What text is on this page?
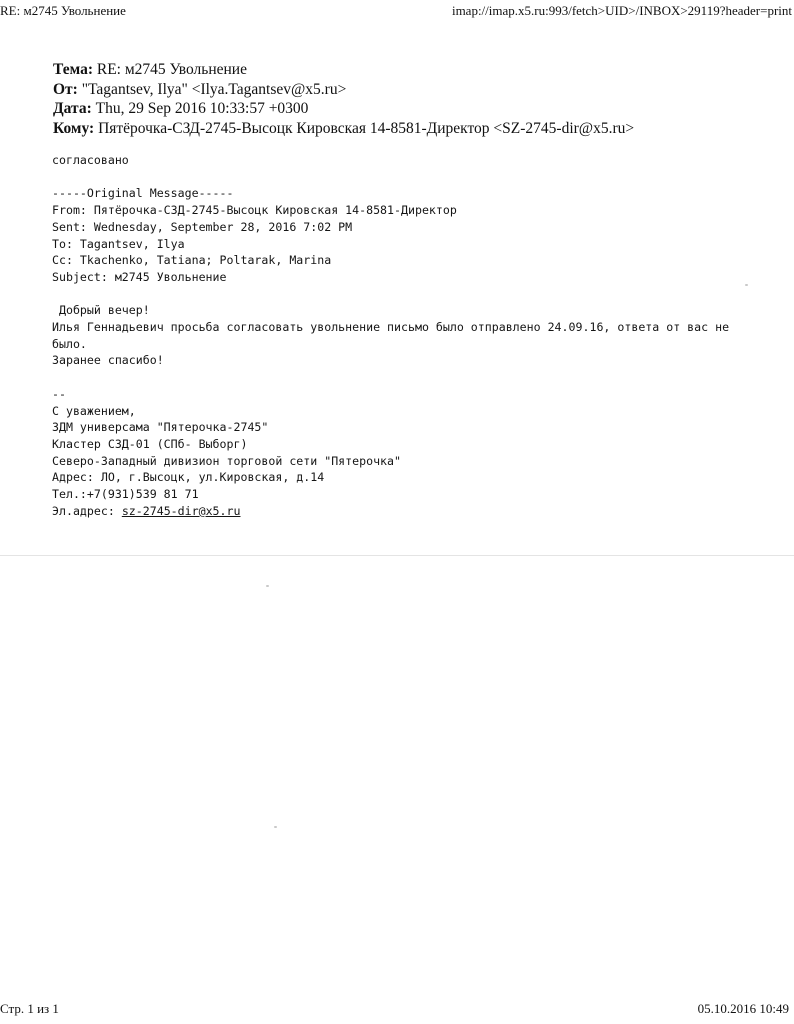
RE: м2745 Увольнение	imap://imap.x5.ru:993/fetch>UID>/INBOX>29119?header=print
Тема: RE: м2745 Увольнение
От: "Tagantsev, Ilya" <Ilya.Tagantsev@x5.ru>
Дата: Thu, 29 Sep 2016 10:33:57 +0300
Кому: Пятёрочка-СЗД-2745-Высоцк Кировская 14-8581-Директор <SZ-2745-dir@x5.ru>
согласовано
-----Original Message-----
From: Пятёрочка-СЗД-2745-Высоцк Кировская 14-8581-Директор
Sent: Wednesday, September 28, 2016 7:02 PM
To: Tagantsev, Ilya
Cc: Tkachenko, Tatiana; Poltarak, Marina
Subject: м2745 Увольнение
Добрый вечер!
Илья Геннадьевич просьба согласовать увольнение письмо было отправлено 24.09.16, ответа от вас не
было.
Заранее спасибо!
--
С уважением,
ЗДМ универсама "Пятерочка-2745"
Кластер СЗД-01 (СПб- Выборг)
Северо-Западный дивизион торговой сети "Пятерочка"
Адрес: ЛО, г.Высоцк, ул.Кировская, д.14
Тел.:+7(931)539 81 71
Эл.адрес: sz-2745-dir@x5.ru
Стр. 1 из 1	05.10.2016 10:49
